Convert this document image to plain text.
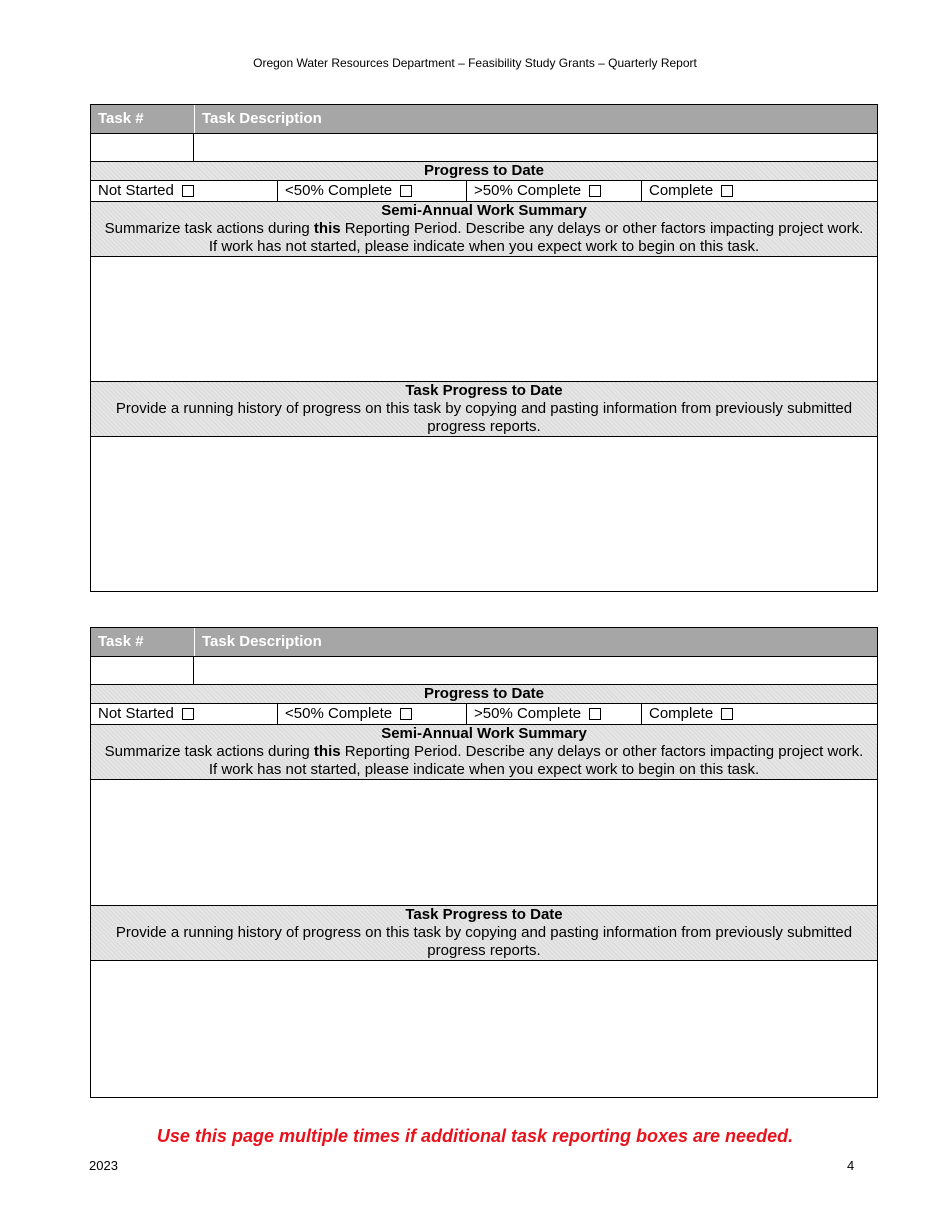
Oregon Water Resources Department – Feasibility Study Grants – Quarterly Report
Task #	Task Description
Progress to Date
Not Started	<50% Complete	>50% Complete	Complete
Semi-Annual Work Summary
Summarize task actions during this Reporting Period. Describe any delays or other factors impacting project work. If work has not started, please indicate when you expect work to begin on this task.
Task Progress to Date
Provide a running history of progress on this task by copying and pasting information from previously submitted progress reports.
Task #	Task Description
Progress to Date
Not Started	<50% Complete	>50% Complete	Complete
Semi-Annual Work Summary
Summarize task actions during this Reporting Period. Describe any delays or other factors impacting project work. If work has not started, please indicate when you expect work to begin on this task.
Task Progress to Date
Provide a running history of progress on this task by copying and pasting information from previously submitted progress reports.
Use this page multiple times if additional task reporting boxes are needed.
2023	4
